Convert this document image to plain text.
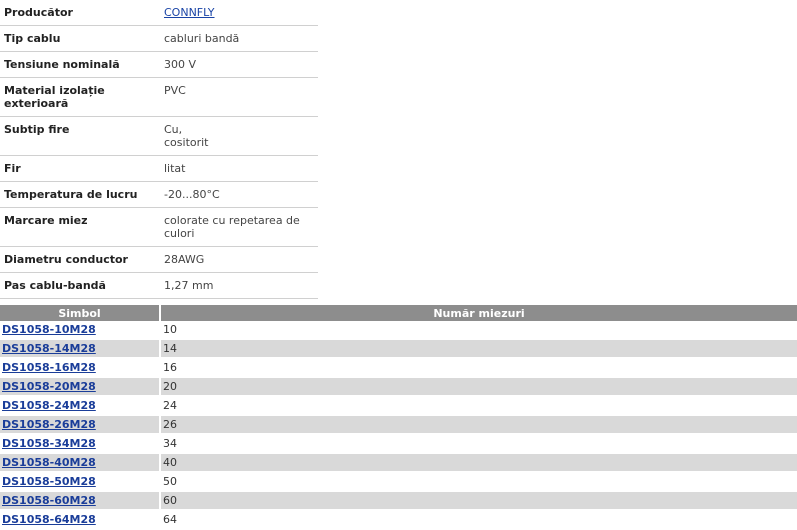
Producător	CONNFLY
Tip cablu	cabluri bandă
Tensiune nominală	300 V
Material izolație exterioară	PVC
Subtip fire	Cu,
cositorit

Fir	litat
Temperatura de lucru	-20...80°C
Marcare miez	colorate cu repetarea de culori
Diametru conductor	28AWG
Pas cablu-bandă	1,27 mm
Simbol	Număr miezuri
DS1058-10M28	10
DS1058-14M28	14
DS1058-16M28	16
DS1058-20M28	20
DS1058-24M28	24
DS1058-26M28	26
DS1058-34M28	34
DS1058-40M28	40
DS1058-50M28	50
DS1058-60M28	60
DS1058-64M28	64
